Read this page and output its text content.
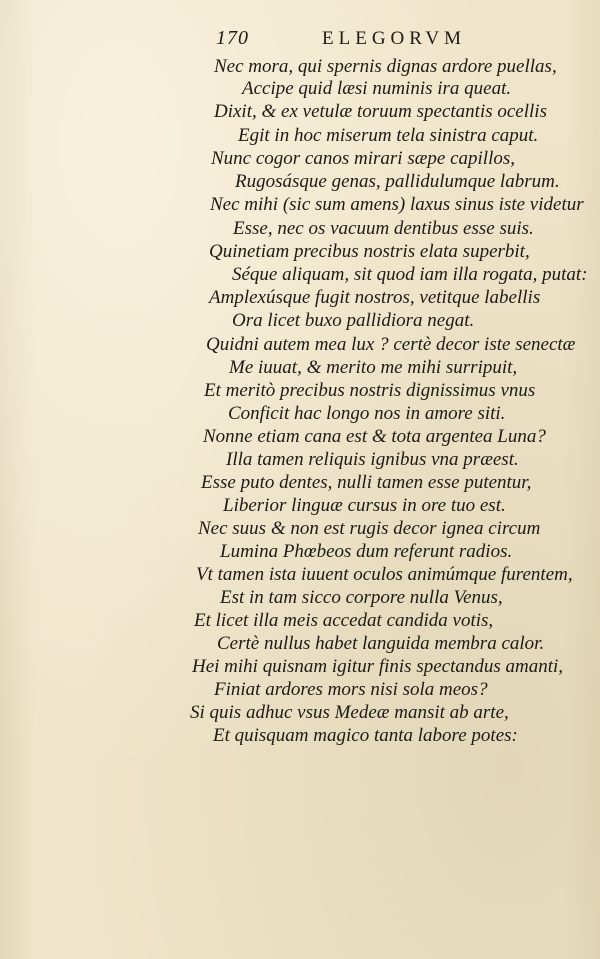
170	ELEGORVM
Nec mora, qui spernis dignas ardore puellas,
Accipe quid læsi numinis ira queat.
Dixit, & ex vetulæ toruum spectantis ocellis
Egit in hoc miserum tela sinistra caput.
Nunc cogor canos mirari sæpe capillos,
Rugosásque genas, pallidulumque labrum.
Nec mihi (sic sum amens) laxus sinus iste videtur
Esse, nec os vacuum dentibus esse suis.
Quinetiam precibus nostris elata superbit,
Séque aliquam, sit quod iam illa rogata, putat:
Amplexúsque fugit nostros, vetitque labellis
Ora licet buxo pallidiora negat.
Quidni autem mea lux ? certè decor iste senectæ
Me iuuat, & merito me mihi surripuit,
Et meritò precibus nostris dignissimus vnus
Conficit hac longo nos in amore siti.
Nonne etiam cana est & tota argentea Luna?
Illa tamen reliquis ignibus vna præest.
Esse puto dentes, nulli tamen esse putentur,
Liberior linguæ cursus in ore tuo est.
Nec suus & non est rugis decor ignea circum
Lumina Phœbeos dum referunt radios.
Vt tamen ista iuuent oculos animúmque furentem,
Est in tam sicco corpore nulla Venus,
Et licet illa meis accedat candida votis,
Certè nullus habet languida membra calor.
Hei mihi quisnam igitur finis spectandus amanti,
Finiat ardores mors nisi sola meos?
Si quis adhuc vsus Medeæ mansit ab arte,
Et quisquam magico tanta labore potes:
